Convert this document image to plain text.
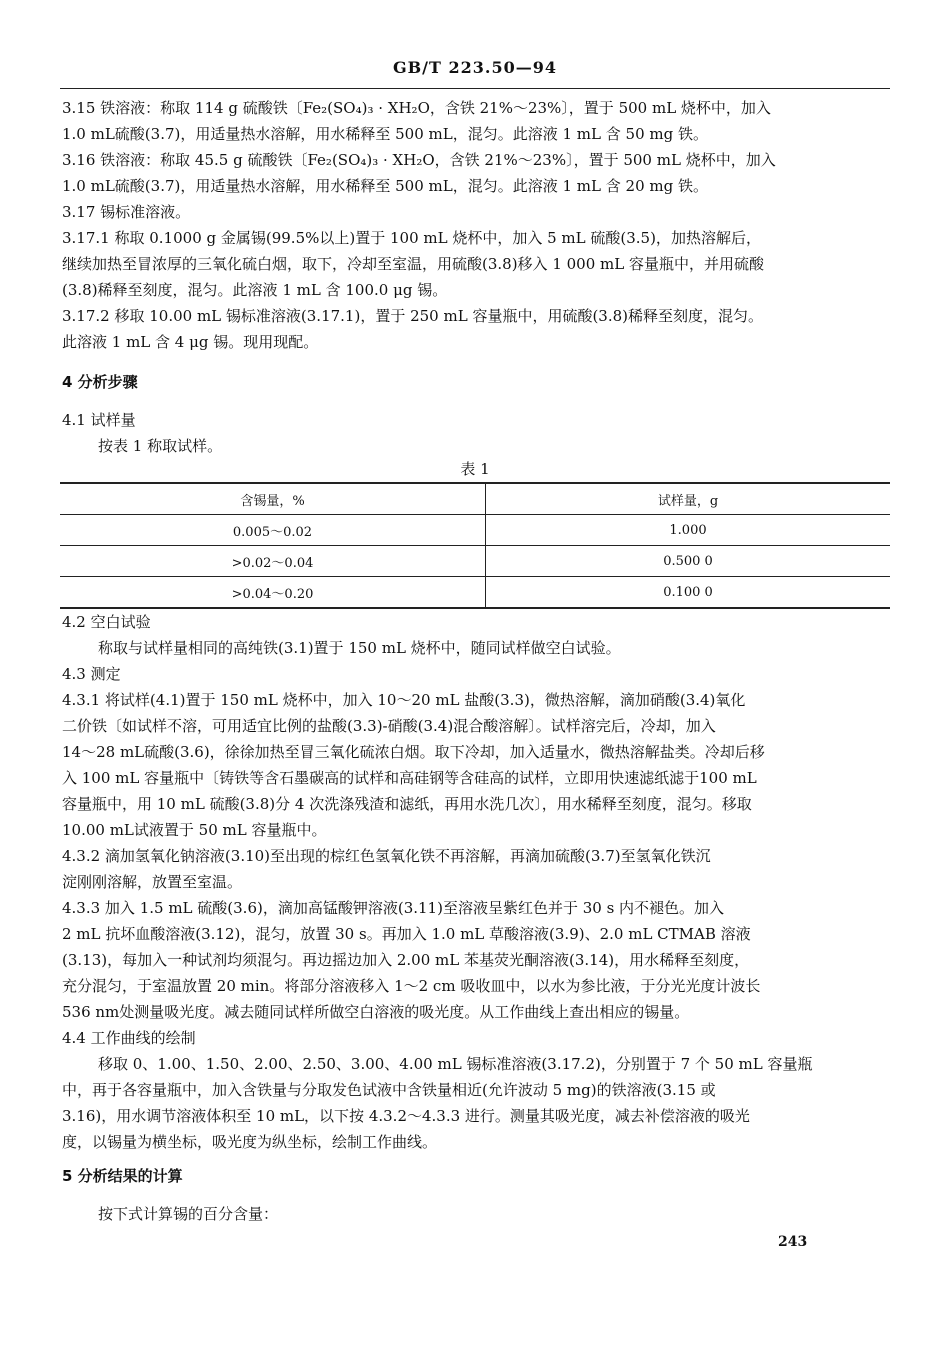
GB/T 223.50—94
3.15 铁溶液：称取 114 g 硫酸铁〔Fe₂(SO₄)₃ · XH₂O，含铁 21%～23%〕，置于 500 mL 烧杯中，加入
1.0 mL硫酸(3.7)，用适量热水溶解，用水稀释至 500 mL，混匀。此溶液 1 mL 含 50 mg 铁。
3.16 铁溶液：称取 45.5 g 硫酸铁〔Fe₂(SO₄)₃ · XH₂O，含铁 21%～23%〕，置于 500 mL 烧杯中，加入
1.0 mL硫酸(3.7)，用适量热水溶解，用水稀释至 500 mL，混匀。此溶液 1 mL 含 20 mg 铁。
3.17 锡标准溶液。
3.17.1 称取 0.1000 g 金属锡(99.5%以上)置于 100 mL 烧杯中，加入 5 mL 硫酸(3.5)，加热溶解后，
继续加热至冒浓厚的三氧化硫白烟，取下，冷却至室温，用硫酸(3.8)移入 1 000 mL 容量瓶中，并用硫酸
(3.8)稀释至刻度，混匀。此溶液 1 mL 含 100.0 μg 锡。
3.17.2 移取 10.00 mL 锡标准溶液(3.17.1)，置于 250 mL 容量瓶中，用硫酸(3.8)稀释至刻度，混匀。
此溶液 1 mL 含 4 μg 锡。现用现配。
4 分析步骤
4.1 试样量
按表 1 称取试样。
表 1
含锡量，%	试样量，g
0.005～0.02	1.000
>0.02～0.04	0.500 0
>0.04～0.20	0.100 0
4.2 空白试验
称取与试样量相同的高纯铁(3.1)置于 150 mL 烧杯中，随同试样做空白试验。
4.3 测定
4.3.1 将试样(4.1)置于 150 mL 烧杯中，加入 10～20 mL 盐酸(3.3)，微热溶解，滴加硝酸(3.4)氧化
二价铁〔如试样不溶，可用适宜比例的盐酸(3.3)-硝酸(3.4)混合酸溶解〕。试样溶完后，冷却，加入
14～28 mL硫酸(3.6)，徐徐加热至冒三氧化硫浓白烟。取下冷却，加入适量水，微热溶解盐类。冷却后移
入 100 mL 容量瓶中〔铸铁等含石墨碳高的试样和高硅钢等含硅高的试样，立即用快速滤纸滤于100 mL
容量瓶中，用 10 mL 硫酸(3.8)分 4 次洗涤残渣和滤纸，再用水洗几次〕，用水稀释至刻度，混匀。移取
10.00 mL试液置于 50 mL 容量瓶中。
4.3.2 滴加氢氧化钠溶液(3.10)至出现的棕红色氢氧化铁不再溶解，再滴加硫酸(3.7)至氢氧化铁沉
淀刚刚溶解，放置至室温。
4.3.3 加入 1.5 mL 硫酸(3.6)，滴加高锰酸钾溶液(3.11)至溶液呈紫红色并于 30 s 内不褪色。加入
2 mL 抗坏血酸溶液(3.12)，混匀，放置 30 s。再加入 1.0 mL 草酸溶液(3.9)、2.0 mL CTMAB 溶液
(3.13)，每加入一种试剂均须混匀。再边摇边加入 2.00 mL 苯基荧光酮溶液(3.14)，用水稀释至刻度，
充分混匀，于室温放置 20 min。将部分溶液移入 1～2 cm 吸收皿中，以水为参比液，于分光光度计波长
536 nm处测量吸光度。减去随同试样所做空白溶液的吸光度。从工作曲线上查出相应的锡量。
4.4 工作曲线的绘制
移取 0、1.00、1.50、2.00、2.50、3.00、4.00 mL 锡标准溶液(3.17.2)，分别置于 7 个 50 mL 容量瓶
中，再于各容量瓶中，加入含铁量与分取发色试液中含铁量相近(允许波动 5 mg)的铁溶液(3.15 或
3.16)，用水调节溶液体积至 10 mL，以下按 4.3.2～4.3.3 进行。测量其吸光度，减去补偿溶液的吸光
度，以锡量为横坐标，吸光度为纵坐标，绘制工作曲线。
5 分析结果的计算
按下式计算锡的百分含量：
243
